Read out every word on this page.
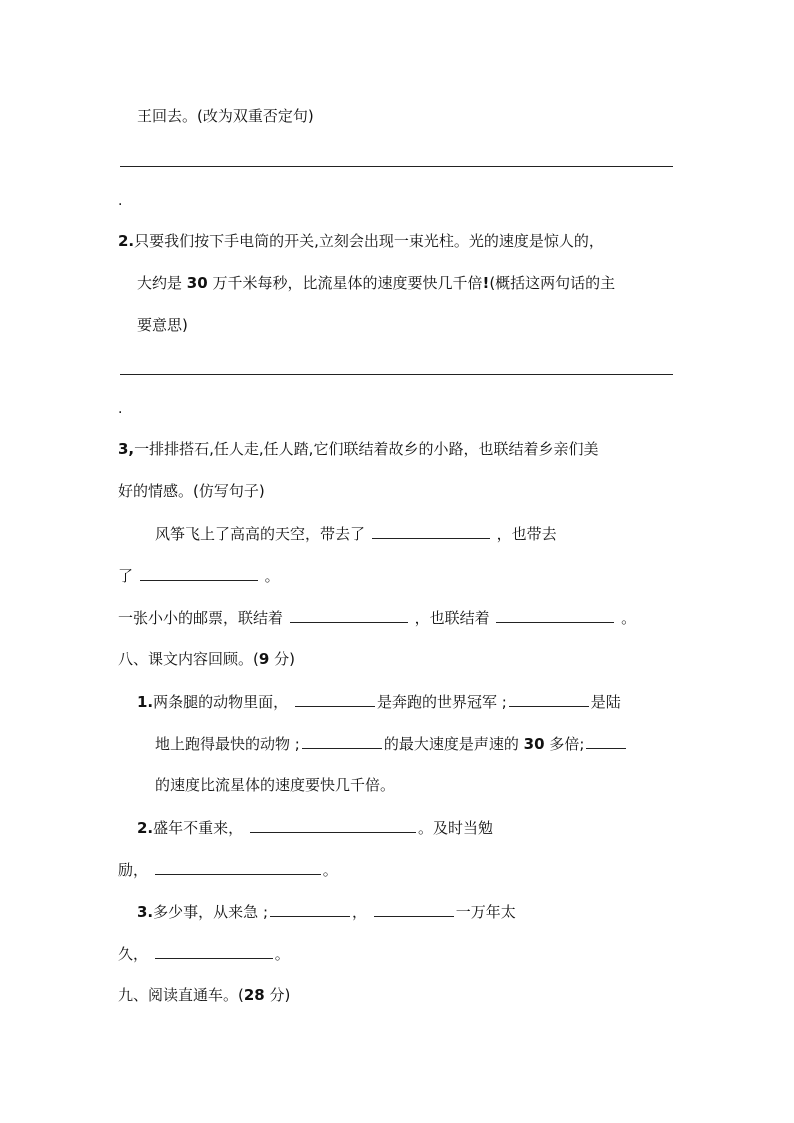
王回去。(改为双重否定句)
.
2.只要我们按下手电筒的开关,立刻会出现一束光柱。光的速度是惊人的，
大约是 30 万千米每秒，比流星体的速度要快几千倍!(概括这两句话的主
要意思)
.
3,一排排搭石,任人走,任人踏,它们联结着故乡的小路，也联结着乡亲们美
好的情感。(仿写句子)
风筝飞上了高高的天空，带去了	，也带去
了	。
一张小小的邮票，联结着	，也联结着	。
八、课文内容回顾。(9 分)
1.两条腿的动物里面，	是奔跑的世界冠军 ;	是陆
地上跑得最快的动物 ;	的最大速度是声速的 30 多倍;
的速度比流星体的速度要快几千倍。
2.盛年不重来，	。及时当勉
励，	。
3.多少事，从来急 ;	，	一万年太
久，	。
九、阅读直通车。(28 分)
